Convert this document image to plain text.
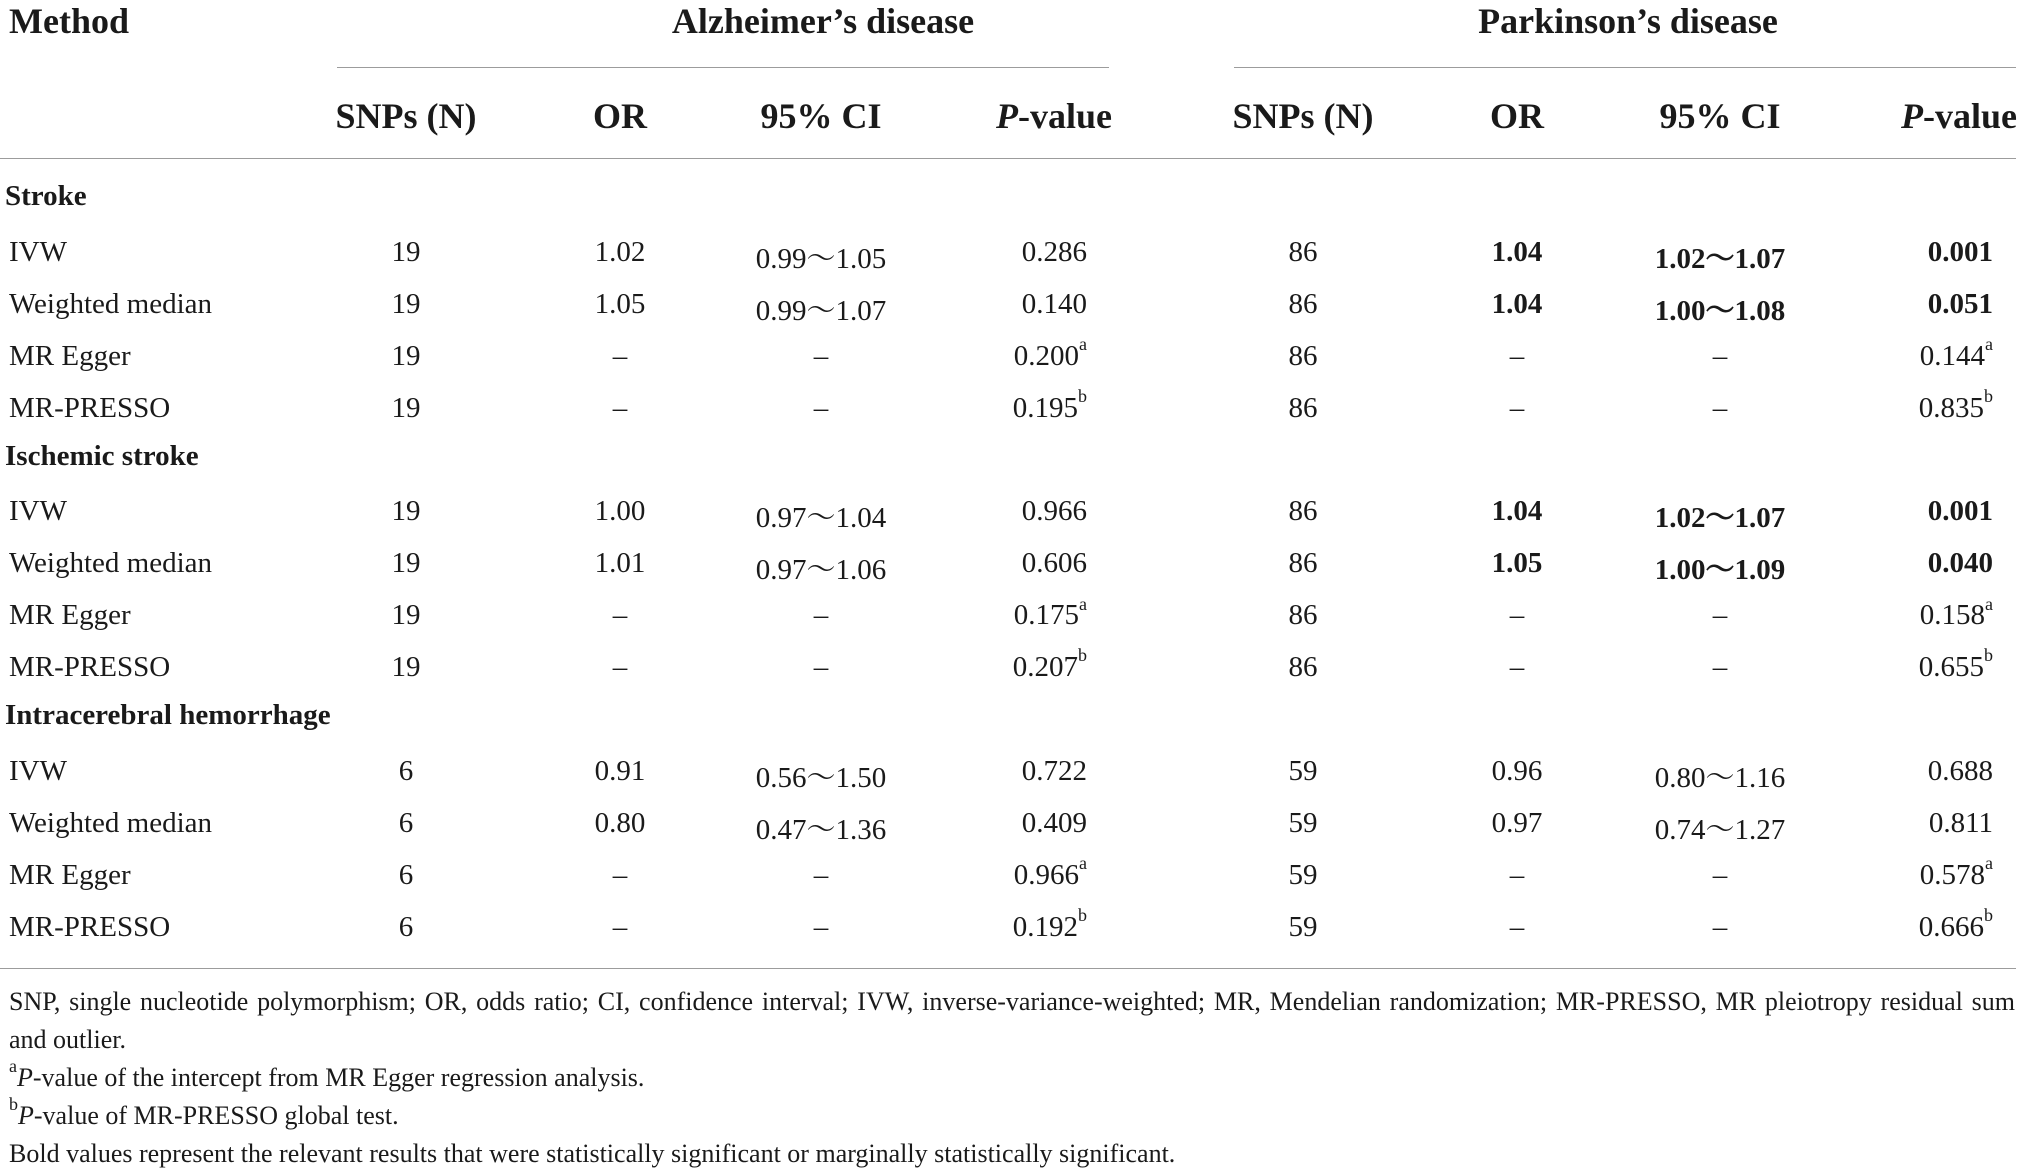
Method	Alzheimer’s disease	Parkinson’s disease
SNPs (N)	OR	95% CI	P-value	SNPs (N)	OR	95% CI	P-value
Stroke
IVW	19	1.02	0.99～1.05	0.286	86	1.04	1.02～1.07	0.001
Weighted median	19	1.05	0.99～1.07	0.140	86	1.04	1.00～1.08	0.051
MR Egger	19	–	–	0.200$^a$	86	–	–	0.144$^a$
MR-PRESSO	19	–	–	0.195$^b$	86	–	–	0.835$^b$
Ischemic stroke
IVW	19	1.00	0.97～1.04	0.966	86	1.04	1.02～1.07	0.001
Weighted median	19	1.01	0.97～1.06	0.606	86	1.05	1.00～1.09	0.040
MR Egger	19	–	–	0.175$^a$	86	–	–	0.158$^a$
MR-PRESSO	19	–	–	0.207$^b$	86	–	–	0.655$^b$
Intracerebral hemorrhage
IVW	6	0.91	0.56～1.50	0.722	59	0.96	0.80～1.16	0.688
Weighted median	6	0.80	0.47～1.36	0.409	59	0.97	0.74～1.27	0.811
MR Egger	6	–	–	0.966$^a$	59	–	–	0.578$^a$
MR-PRESSO	6	–	–	0.192$^b$	59	–	–	0.666$^b$
SNP, single nucleotide polymorphism; OR, odds ratio; CI, confidence interval; IVW, inverse-variance-weighted; MR, Mendelian randomization; MR-PRESSO, MR pleiotropy residual sum and outlier.
$^a$P-value of the intercept from MR Egger regression analysis.
$^b$P-value of MR-PRESSO global test.
Bold values represent the relevant results that were statistically significant or marginally statistically significant.
